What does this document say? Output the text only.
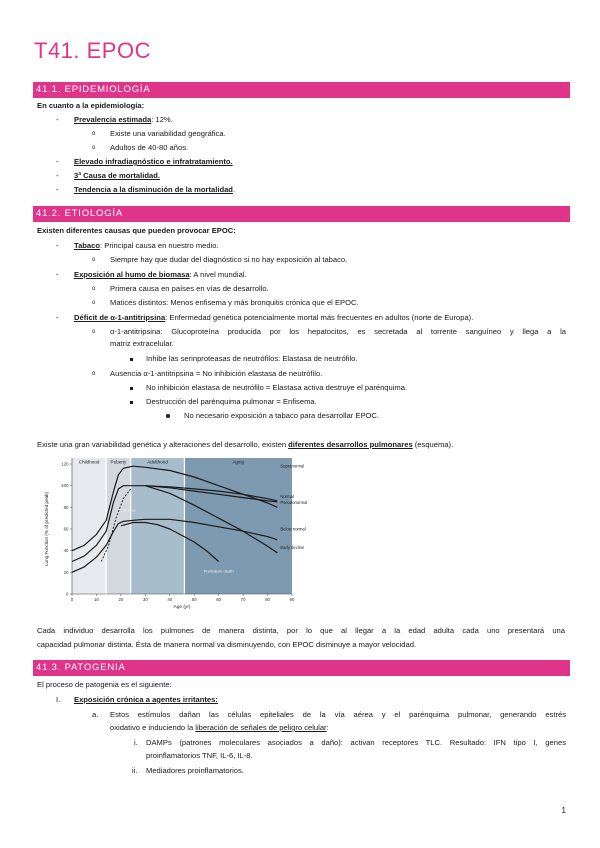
T41. EPOC
41.1. EPIDEMIOLOGÍA
En cuanto a la epidemiología:
- Prevalencia estimada: 12%.
o Existe una variabilidad geográfica.
o Adultos de 40-80 años.
- Elevado infradiagnóstico e infratratamiento.
- 3ª Causa de mortalidad.
- Tendencia a la disminución de la mortalidad.
41.2. ETIOLOGÍA
Existen diferentes causas que pueden provocar EPOC:
- Tabaco: Principal causa en nuestro medio.
o Siempre hay que dudar del diagnóstico si no hay exposición al tabaco.
- Exposición al humo de biomasa: A nivel mundial.
o Primera causa en países en vías de desarrollo.
o Matices distintos: Menos enfisema y más bronquitis crónica que el EPOC.
- Déficit de α-1-antitripsina: Enfermedad genética potencialmente mortal más frecuentes en adultos (norte de Europa).
o α-1-antitripsina: Glucoproteína producida por los hepatocitos, es secretada al torrente sanguíneo y llega a la
matriz extracelular.
Inhibe las serinproteasas de neutrófilos: Elastasa de neutrófilo.
o Ausencia α-1-antitripsina = No inhibición elastasa de neutrófilo.
No inhibición elastasa de neutrófilo = Elastasa activa destruye el parénquima.
Destrucción del parénquima pulmonar = Enfisema.
No necesario exposición a tabaco para desarrollar EPOC.
Existe una gran variabilidad genética y alteraciones del desarrollo, existen diferentes desarrollos pulmonares (esquema).
Childhood Puberty	Adulthood	Aging
0	10	20	30	40	50	60	70	80	90
0
20
40
60
80
100
120
Age (yr)
Lung Function (% of predicted peak)
Supranormal
Normal
Pseudonormal
Below normal
Early decline
Catch-up
Premature death
Cada individuo desarrolla los pulmones de manera distinta, por lo que al llegar a la edad adulta cada uno presentará una
capacidad pulmonar distinta. Ésta de manera normal va disminuyendo, con EPOC disminuye a mayor velocidad.
41.3. PATOGENIA
El proceso de patogenia es el siguiente:
I. Exposición crónica a agentes irritantes:
a. Estos estímulos dañan las células epiteliales de la vía aérea y el parénquima pulmonar, generando estrés
oxidativo e induciendo la liberación de señales de peligro celular:
i. DAMPs (patrones moleculares asociados a daño): activan receptores TLC. Resultado: IFN tipo I, genes
proinflamatorios TNF, IL-6, IL-8.
ii. Mediadores proinflamatorios.
1
